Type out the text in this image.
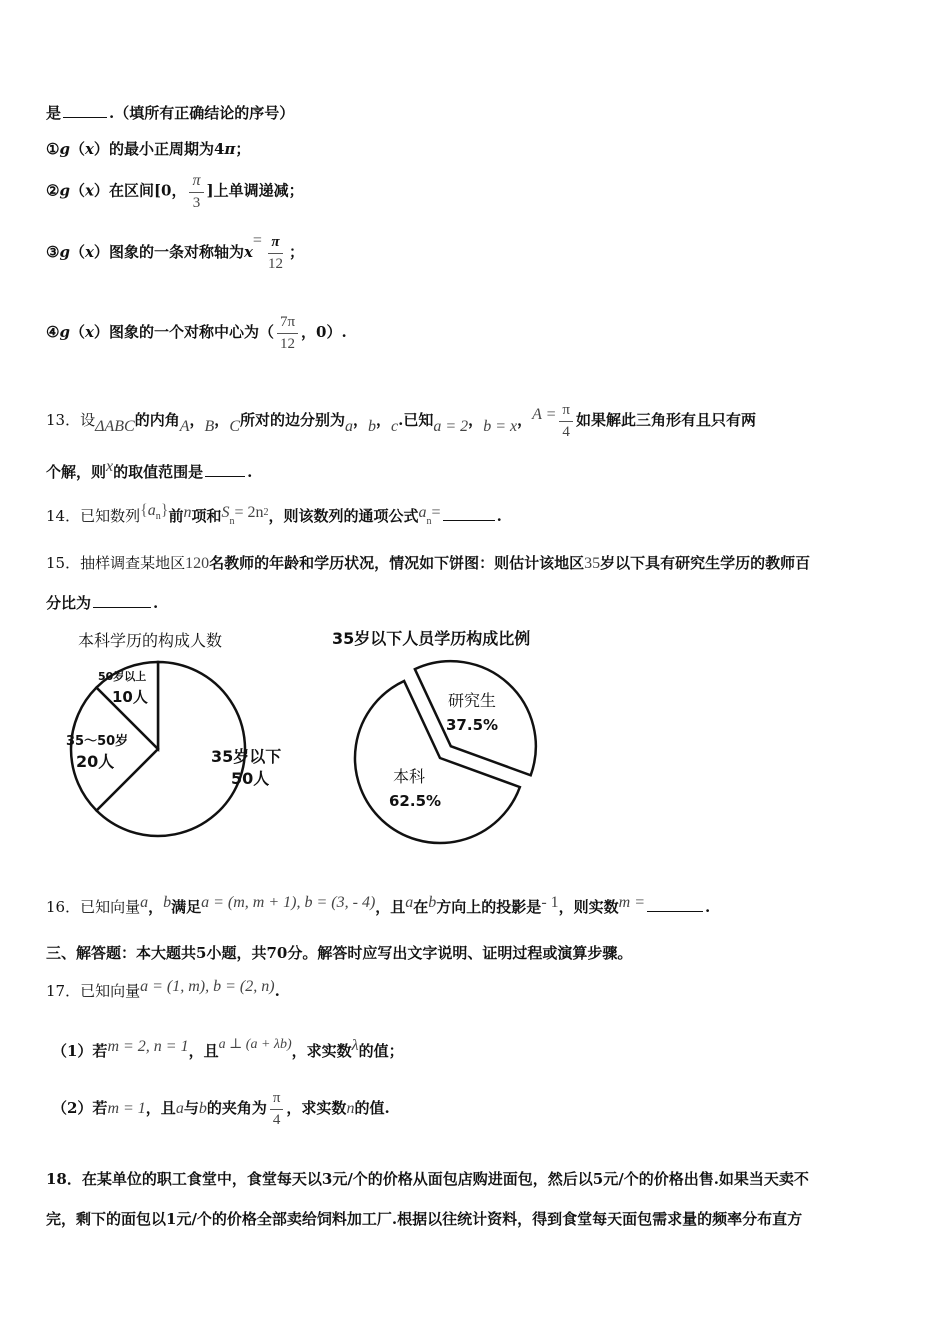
是	.（填所有正确结论的序号）
①g（x）的最小正周期为4π；
②g（x）在区间[0， $\frac{\pi}{3}$ ]上单调递减；
③g（x）图象的一条对称轴为$x= \frac{\pi}{12}$ ；
④g（x）图象的一个对称中心为（ $\frac{7\pi}{12}$ ，0）.
13．设ΔABC的内角A，B，C所对的边分别为a，b，c.已知a = 2，b = x，$A = \frac{\pi}{4}$ 如果解此三角形有且只有两
个解，则x的取值范围是	.
14．已知数列$\{a^n\}$前n项和$S_n= 2n^2$，则该数列的通项公式$a_n=$	.
15．抽样调查某地区120名教师的年龄和学历状况，情况如下饼图：则估计该地区35岁以下具有研究生学历的教师百
分比为	.
本科学历的构成人数
35岁以下
50人
35～50岁
20人
50岁以上
10人
35岁以下人员学历构成比例
研究生
37.5%
本科
62.5%
16．已知向量a，b满足a = (m, m + 1), b = (3, - 4)，且a在b方向上的投影是- 1，则实数m =	.
三、解答题：本大题共5小题，共70分。解答时应写出文字说明、证明过程或演算步骤。
17．已知向量a = (1, m), b = (2, n).
（1）若m = 2, n = 1，且a ⊥ (a + λb)，求实数λ的值；
（2）若m = 1，且a与b的夹角为 $\frac{\pi}{4}$ ，求实数n的值.
18．在某单位的职工食堂中，食堂每天以3元/个的价格从面包店购进面包，然后以5元/个的价格出售.如果当天卖不
完，剩下的面包以1元/个的价格全部卖给饲料加工厂.根据以往统计资料，得到食堂每天面包需求量的频率分布直方
